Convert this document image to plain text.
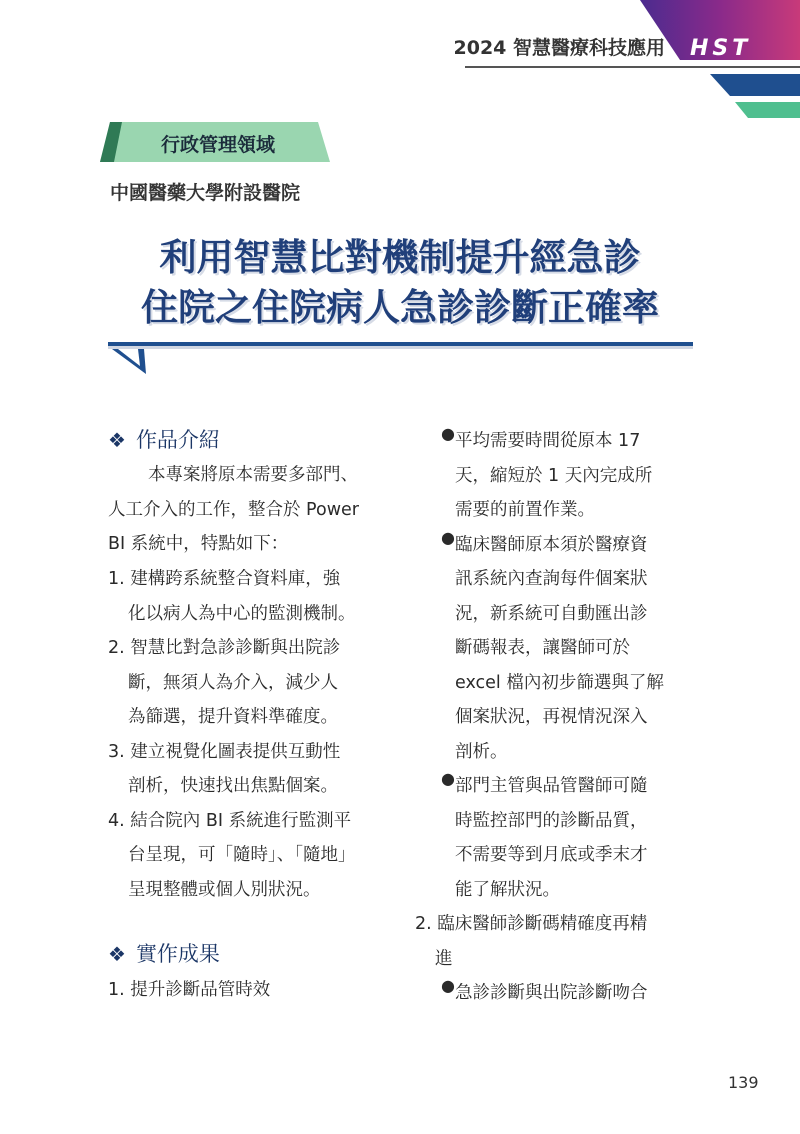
2024 智慧醫療科技應用 HST
行政管理領域
中國醫藥大學附設醫院
利用智慧比對機制提升經急診
住院之住院病人急診診斷正確率
❖ 作品介紹
本專案將原本需要多部門、
人工介入的工作，整合於 Power
BI 系統中，特點如下：
1. 建構跨系統整合資料庫，強
化以病人為中心的監測機制。
2. 智慧比對急診診斷與出院診
斷，無須人為介入，減少人
為篩選，提升資料準確度。
3. 建立視覺化圖表提供互動性
剖析，快速找出焦點個案。
4. 結合院內 BI 系統進行監測平
台呈現，可「隨時」、「隨地」
呈現整體或個人別狀況。
❖ 實作成果
1. 提升診斷品管時效
● 平均需要時間從原本 17
天，縮短於 1 天內完成所
需要的前置作業。
● 臨床醫師原本須於醫療資
訊系統內查詢每件個案狀
況，新系統可自動匯出診
斷碼報表，讓醫師可於
excel 檔內初步篩選與了解
個案狀況，再視情況深入
剖析。
● 部門主管與品管醫師可隨
時監控部門的診斷品質，
不需要等到月底或季末才
能了解狀況。
2. 臨床醫師診斷碼精確度再精
進
● 急診診斷與出院診斷吻合
139
